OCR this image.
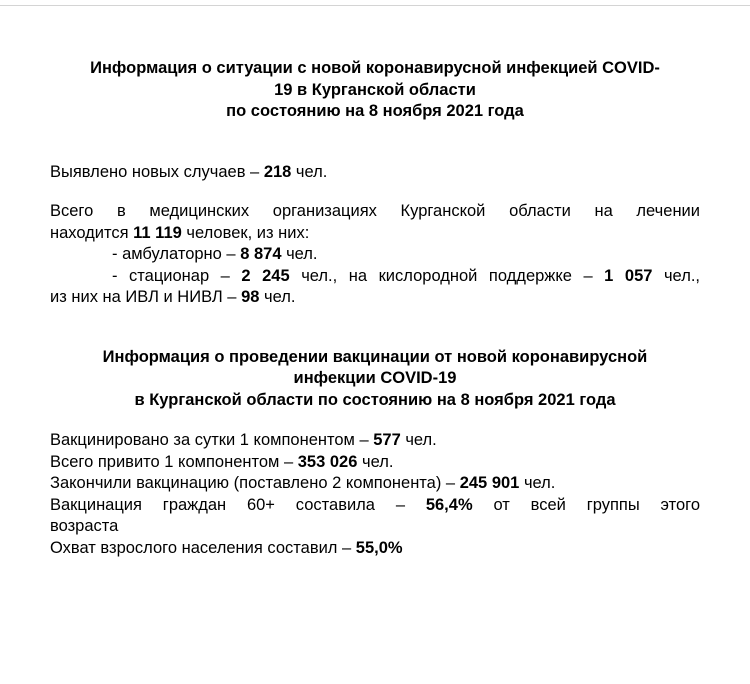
Информация о ситуации с новой коронавирусной инфекцией COVID-
19 в Курганской области
по состоянию на 8 ноября 2021 года

Выявлено новых случаев – 218 чел.

Всего в медицинских организациях Курганской области на лечении

находится 11 119 человек, из них:

- амбулаторно – 8 874 чел.

- стационар – 2 245 чел., на кислородной поддержке – 1 057 чел.,

из них на ИВЛ и НИВЛ – 98 чел.

Информация о проведении вакцинации от новой коронавирусной
инфекции COVID-19
в Курганской области по состоянию на 8 ноября 2021 года

Вакцинировано за сутки 1 компонентом – 577 чел.

Всего привито 1 компонентом – 353 026 чел.

Закончили вакцинацию (поставлено 2 компонента) – 245 901 чел.

Вакцинация граждан 60+ составила – 56,4% от всей группы этого

возраста

Охват взрослого населения составил – 55,0%
